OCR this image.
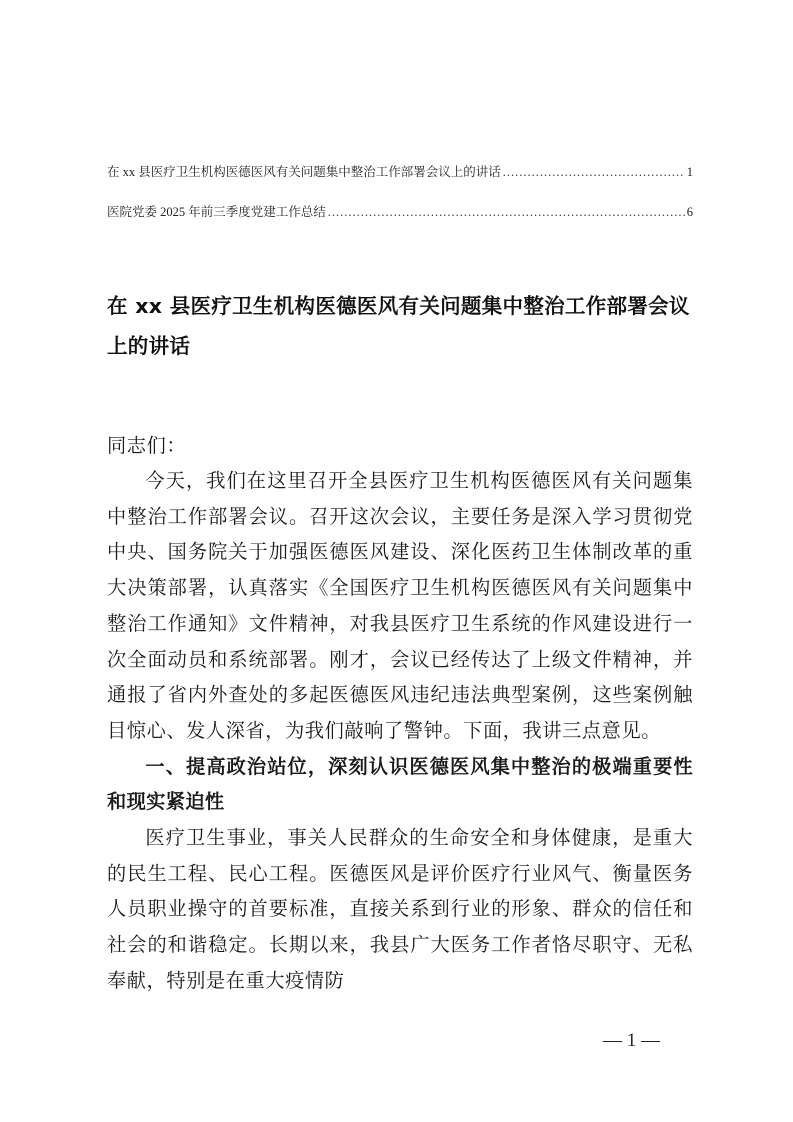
在 xx 县医疗卫生机构医德医风有关问题集中整治工作部署会议上的讲话 .....	1
医院党委 2025 年前三季度党建工作总结 .....	6
在 xx 县医疗卫生机构医德医风有关问题集中整治工作部署会议上的讲话
同志们：

今天，我们在这里召开全县医疗卫生机构医德医风有关问题集中整治工作部署会议。召开这次会议，主要任务是深入学习贯彻党中央、国务院关于加强医德医风建设、深化医药卫生体制改革的重大决策部署，认真落实《全国医疗卫生机构医德医风有关问题集中整治工作通知》文件精神，对我县医疗卫生系统的作风建设进行一次全面动员和系统部署。刚才，会议已经传达了上级文件精神，并通报了省内外查处的多起医德医风违纪违法典型案例，这些案例触目惊心、发人深省，为我们敲响了警钟。下面，我讲三点意见。

一、提高政治站位，深刻认识医德医风集中整治的极端重要性和现实紧迫性

医疗卫生事业，事关人民群众的生命安全和身体健康，是重大的民生工程、民心工程。医德医风是评价医疗行业风气、衡量医务人员职业操守的首要标准，直接关系到行业的形象、群众的信任和社会的和谐稳定。长期以来，我县广大医务工作者恪尽职守、无私奉献，特别是在重大疫情防

— 1 —
